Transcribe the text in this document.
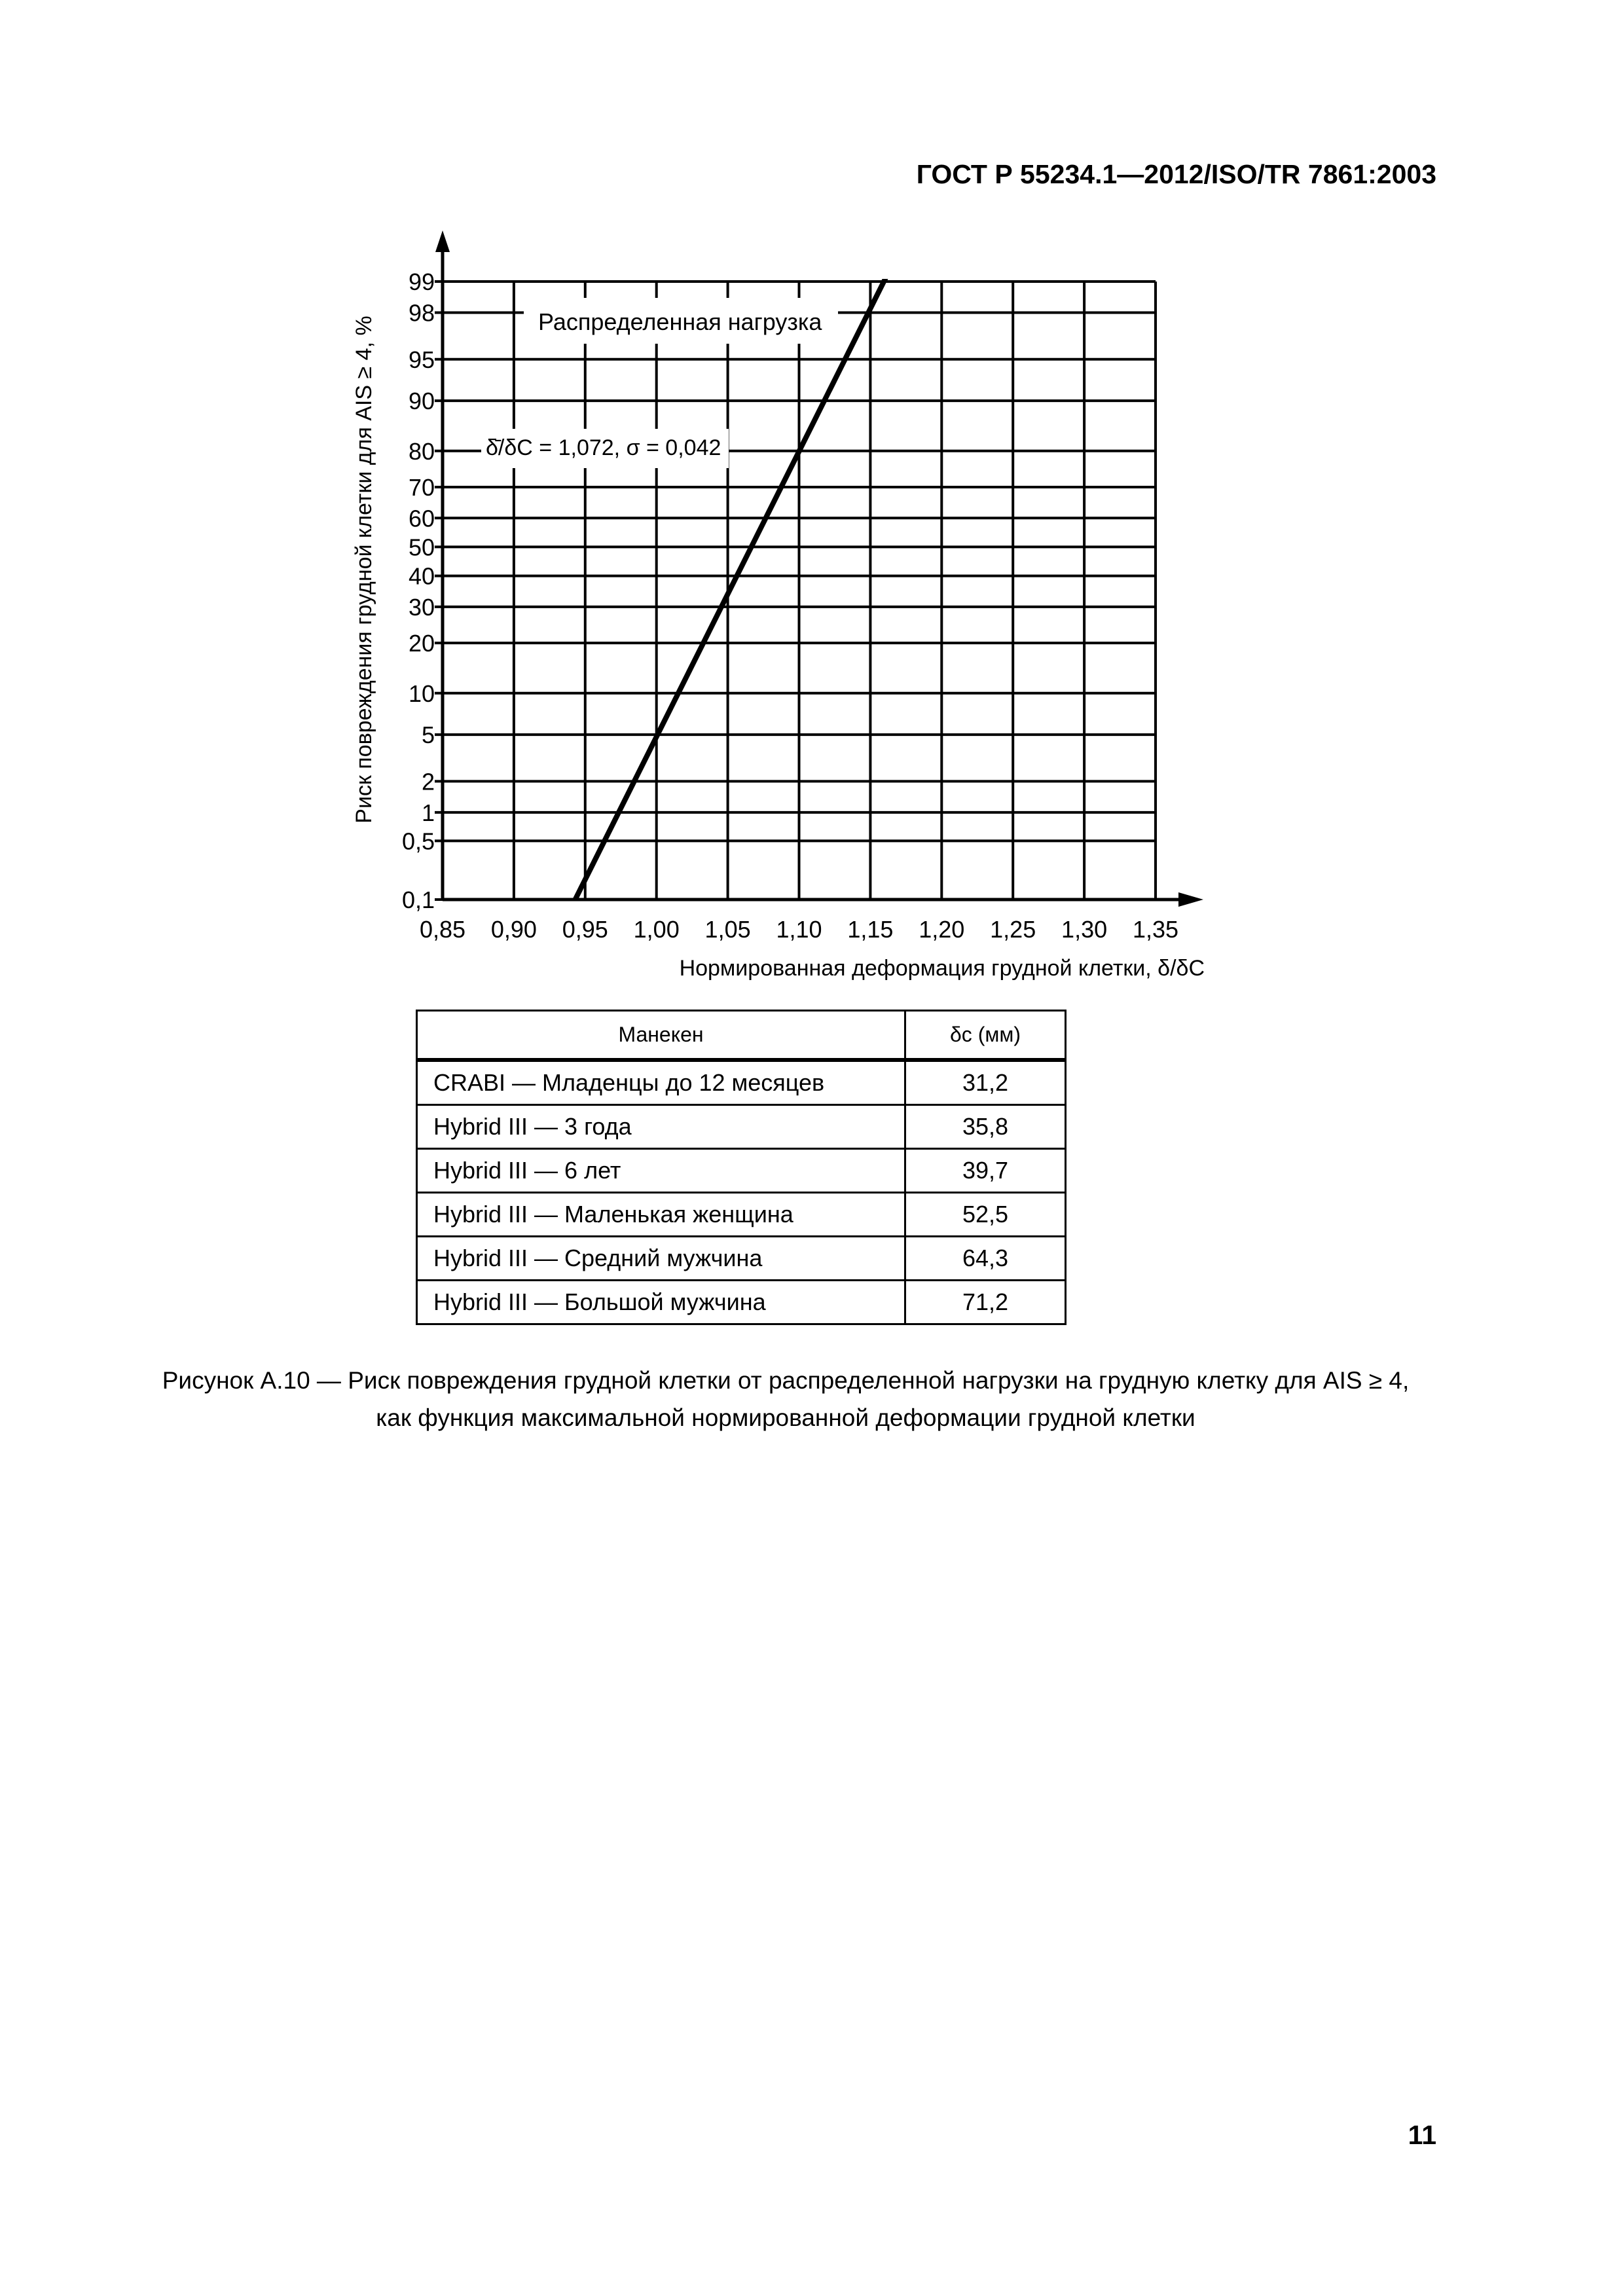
ГОСТ Р 55234.1—2012/ISO/TR 7861:2003
Нормированная деформация грудной клетки, δ/δC
Риск повреждения грудной клетки для AIS ≥ 4, %
0,1
0,5
1
2
5
10
20
30
40
50
60
70
80
90
95
98
99
0,85 0,90 0,95 1,00 1,05 1,10 1,15 1,20 1,25 1,30 1,35
Распределенная нагрузка
δ̄/δC = 1,072, σ = 0,042
Манекен	δc (мм)
CRABI — Младенцы до 12 месяцев	31,2
Hybrid III — 3 года	35,8
Hybrid III — 6 лет	39,7
Hybrid III — Маленькая женщина	52,5
Hybrid III — Средний мужчина	64,3
Hybrid III — Большой мужчина	71,2
Рисунок А.10 — Риск повреждения грудной клетки от распределенной нагрузки на грудную клетку для AIS ≥ 4,
как функция максимальной нормированной деформации грудной клетки
11
